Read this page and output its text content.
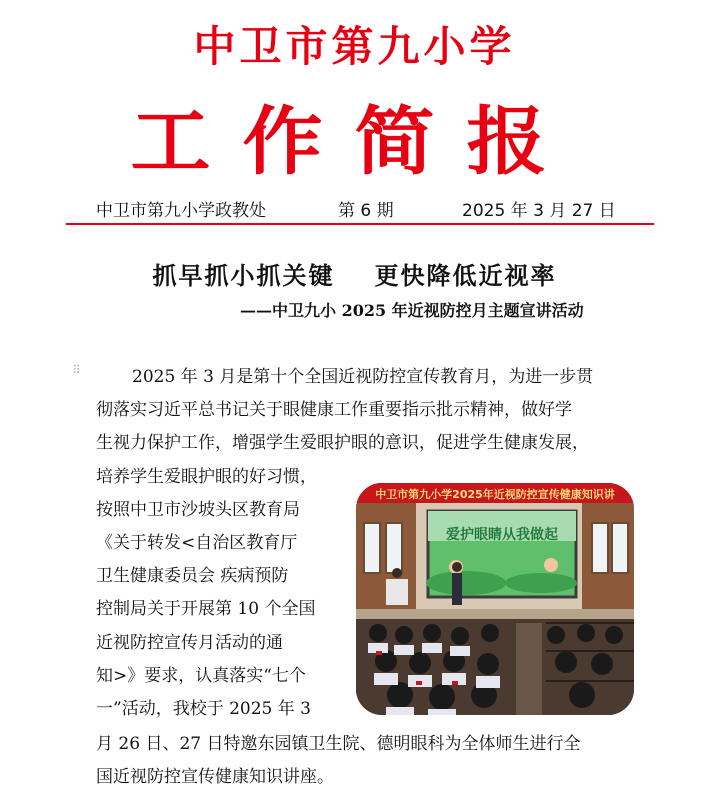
中卫市第九小学
工作简报
中卫市第九小学政教处	第 6 期	2025 年 3 月 27 日
抓早抓小抓关键 更快降低近视率
——中卫九小 2025 年近视防控月主题宣讲活动
⠿	2025 年 3 月是第十个全国近视防控宣传教育月，为进一步贯
彻落实习近平总书记关于眼健康工作重要指示批示精神，做好学
生视力保护工作，增强学生爱眼护眼的意识，促进学生健康发展，
培养学生爱眼护眼的好习惯，
按照中卫市沙坡头区教育局
《关于转发<自治区教育厅
卫生健康委员会 疾病预防
控制局关于开展第 10 个全国
近视防控宣传月活动的通
知>》要求，认真落实“七个
一”活动，我校于 2025 年 3
月 26 日、27 日特邀东园镇卫生院、德明眼科为全体师生进行全
国近视防控宣传健康知识讲座。
中卫市第九小学2025年近视防控宣传健康知识讲
爱护眼睛从我做起
